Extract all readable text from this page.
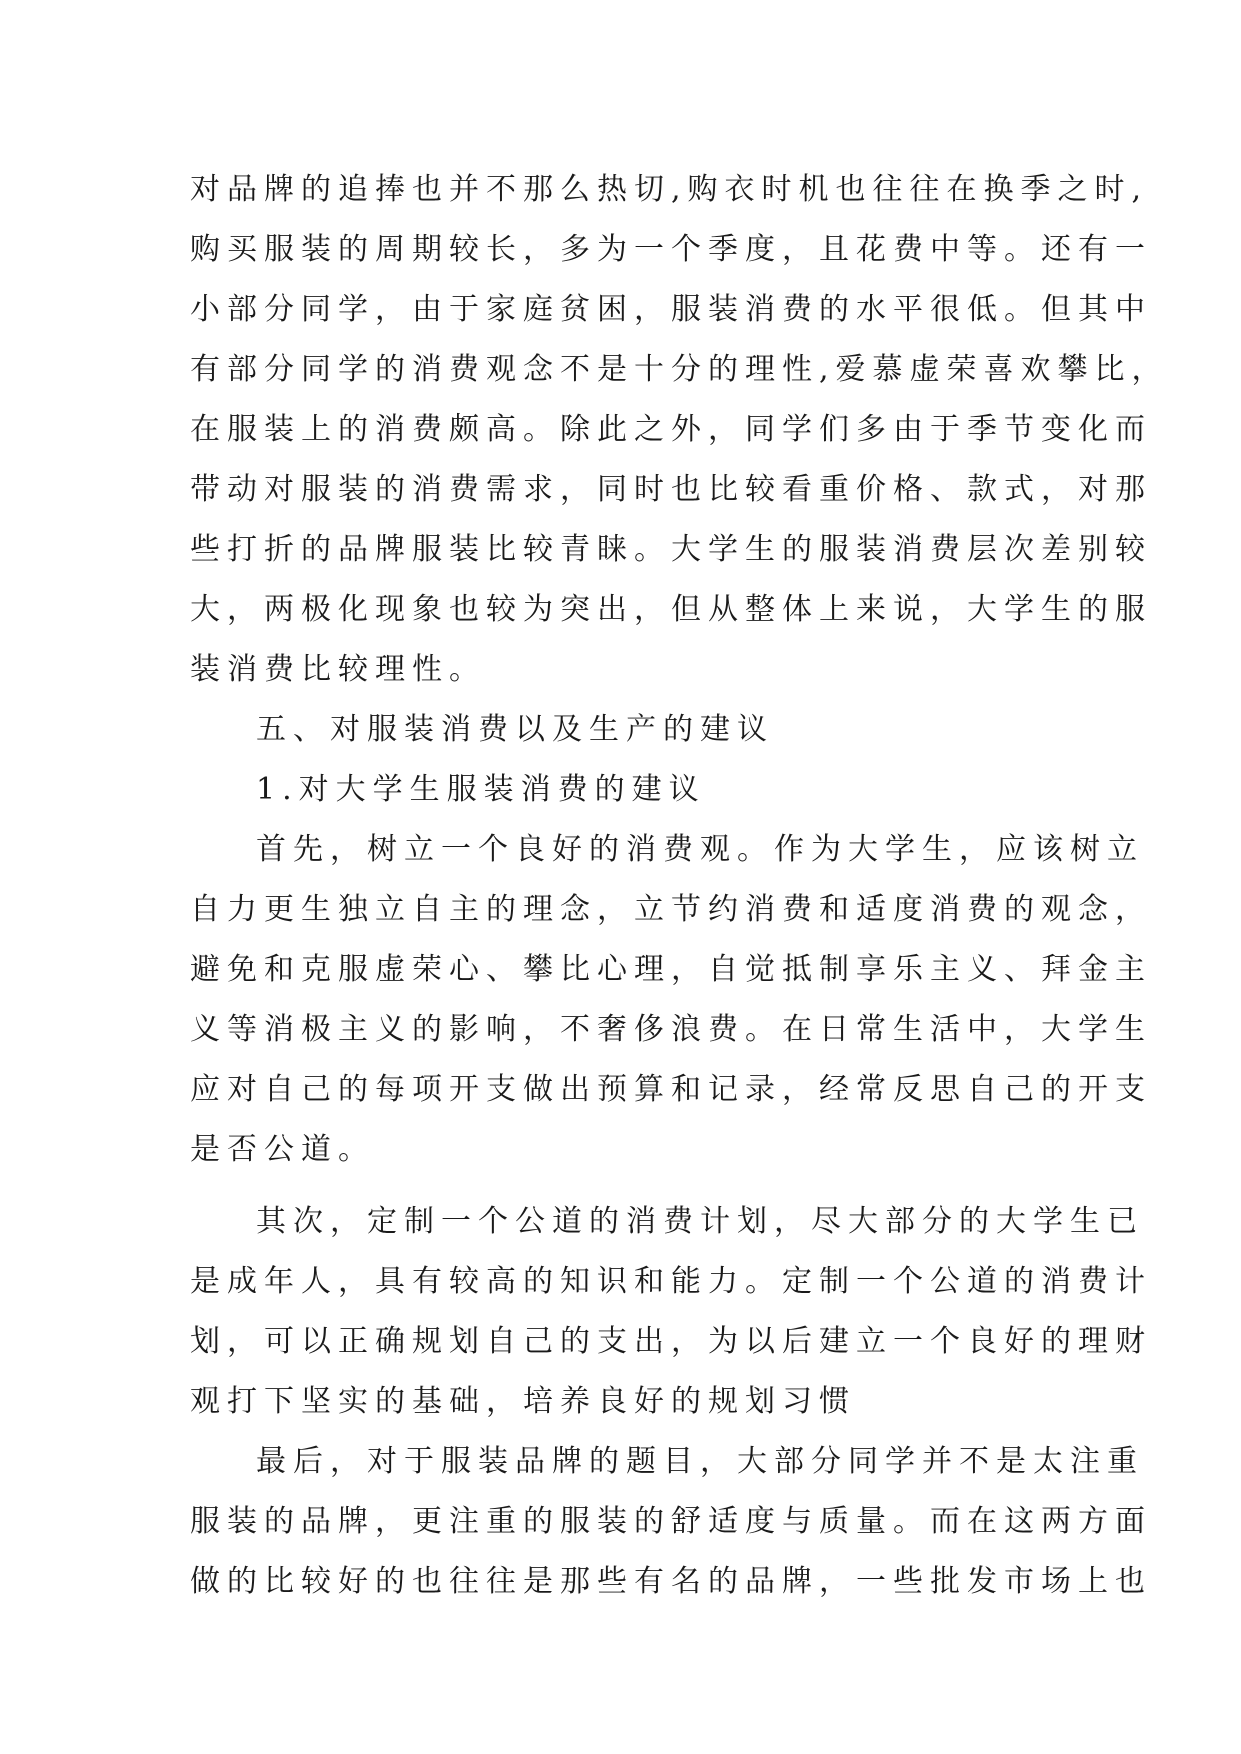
对品牌的追捧也并不那么热切,购衣时机也往往在换季之时,
购买服装的周期较长，多为一个季度，且花费中等。还有一
小部分同学，由于家庭贫困，服装消费的水平很低。但其中
有部分同学的消费观念不是十分的理性,爱慕虚荣喜欢攀比，
在服装上的消费颇高。除此之外，同学们多由于季节变化而
带动对服装的消费需求，同时也比较看重价格、款式，对那
些打折的品牌服装比较青睐。大学生的服装消费层次差别较
大，两极化现象也较为突出，但从整体上来说，大学生的服
装消费比较理性。
五、对服装消费以及生产的建议
1.对大学生服装消费的建议
首先，树立一个良好的消费观。作为大学生，应该树立
自力更生独立自主的理念，立节约消费和适度消费的观念，
避免和克服虚荣心、攀比心理，自觉抵制享乐主义、拜金主
义等消极主义的影响，不奢侈浪费。在日常生活中，大学生
应对自己的每项开支做出预算和记录，经常反思自己的开支
是否公道。
其次，定制一个公道的消费计划，尽大部分的大学生已
是成年人，具有较高的知识和能力。定制一个公道的消费计
划，可以正确规划自己的支出，为以后建立一个良好的理财
观打下坚实的基础，培养良好的规划习惯
最后，对于服装品牌的题目，大部分同学并不是太注重
服装的品牌，更注重的服装的舒适度与质量。而在这两方面
做的比较好的也往往是那些有名的品牌，一些批发市场上也
